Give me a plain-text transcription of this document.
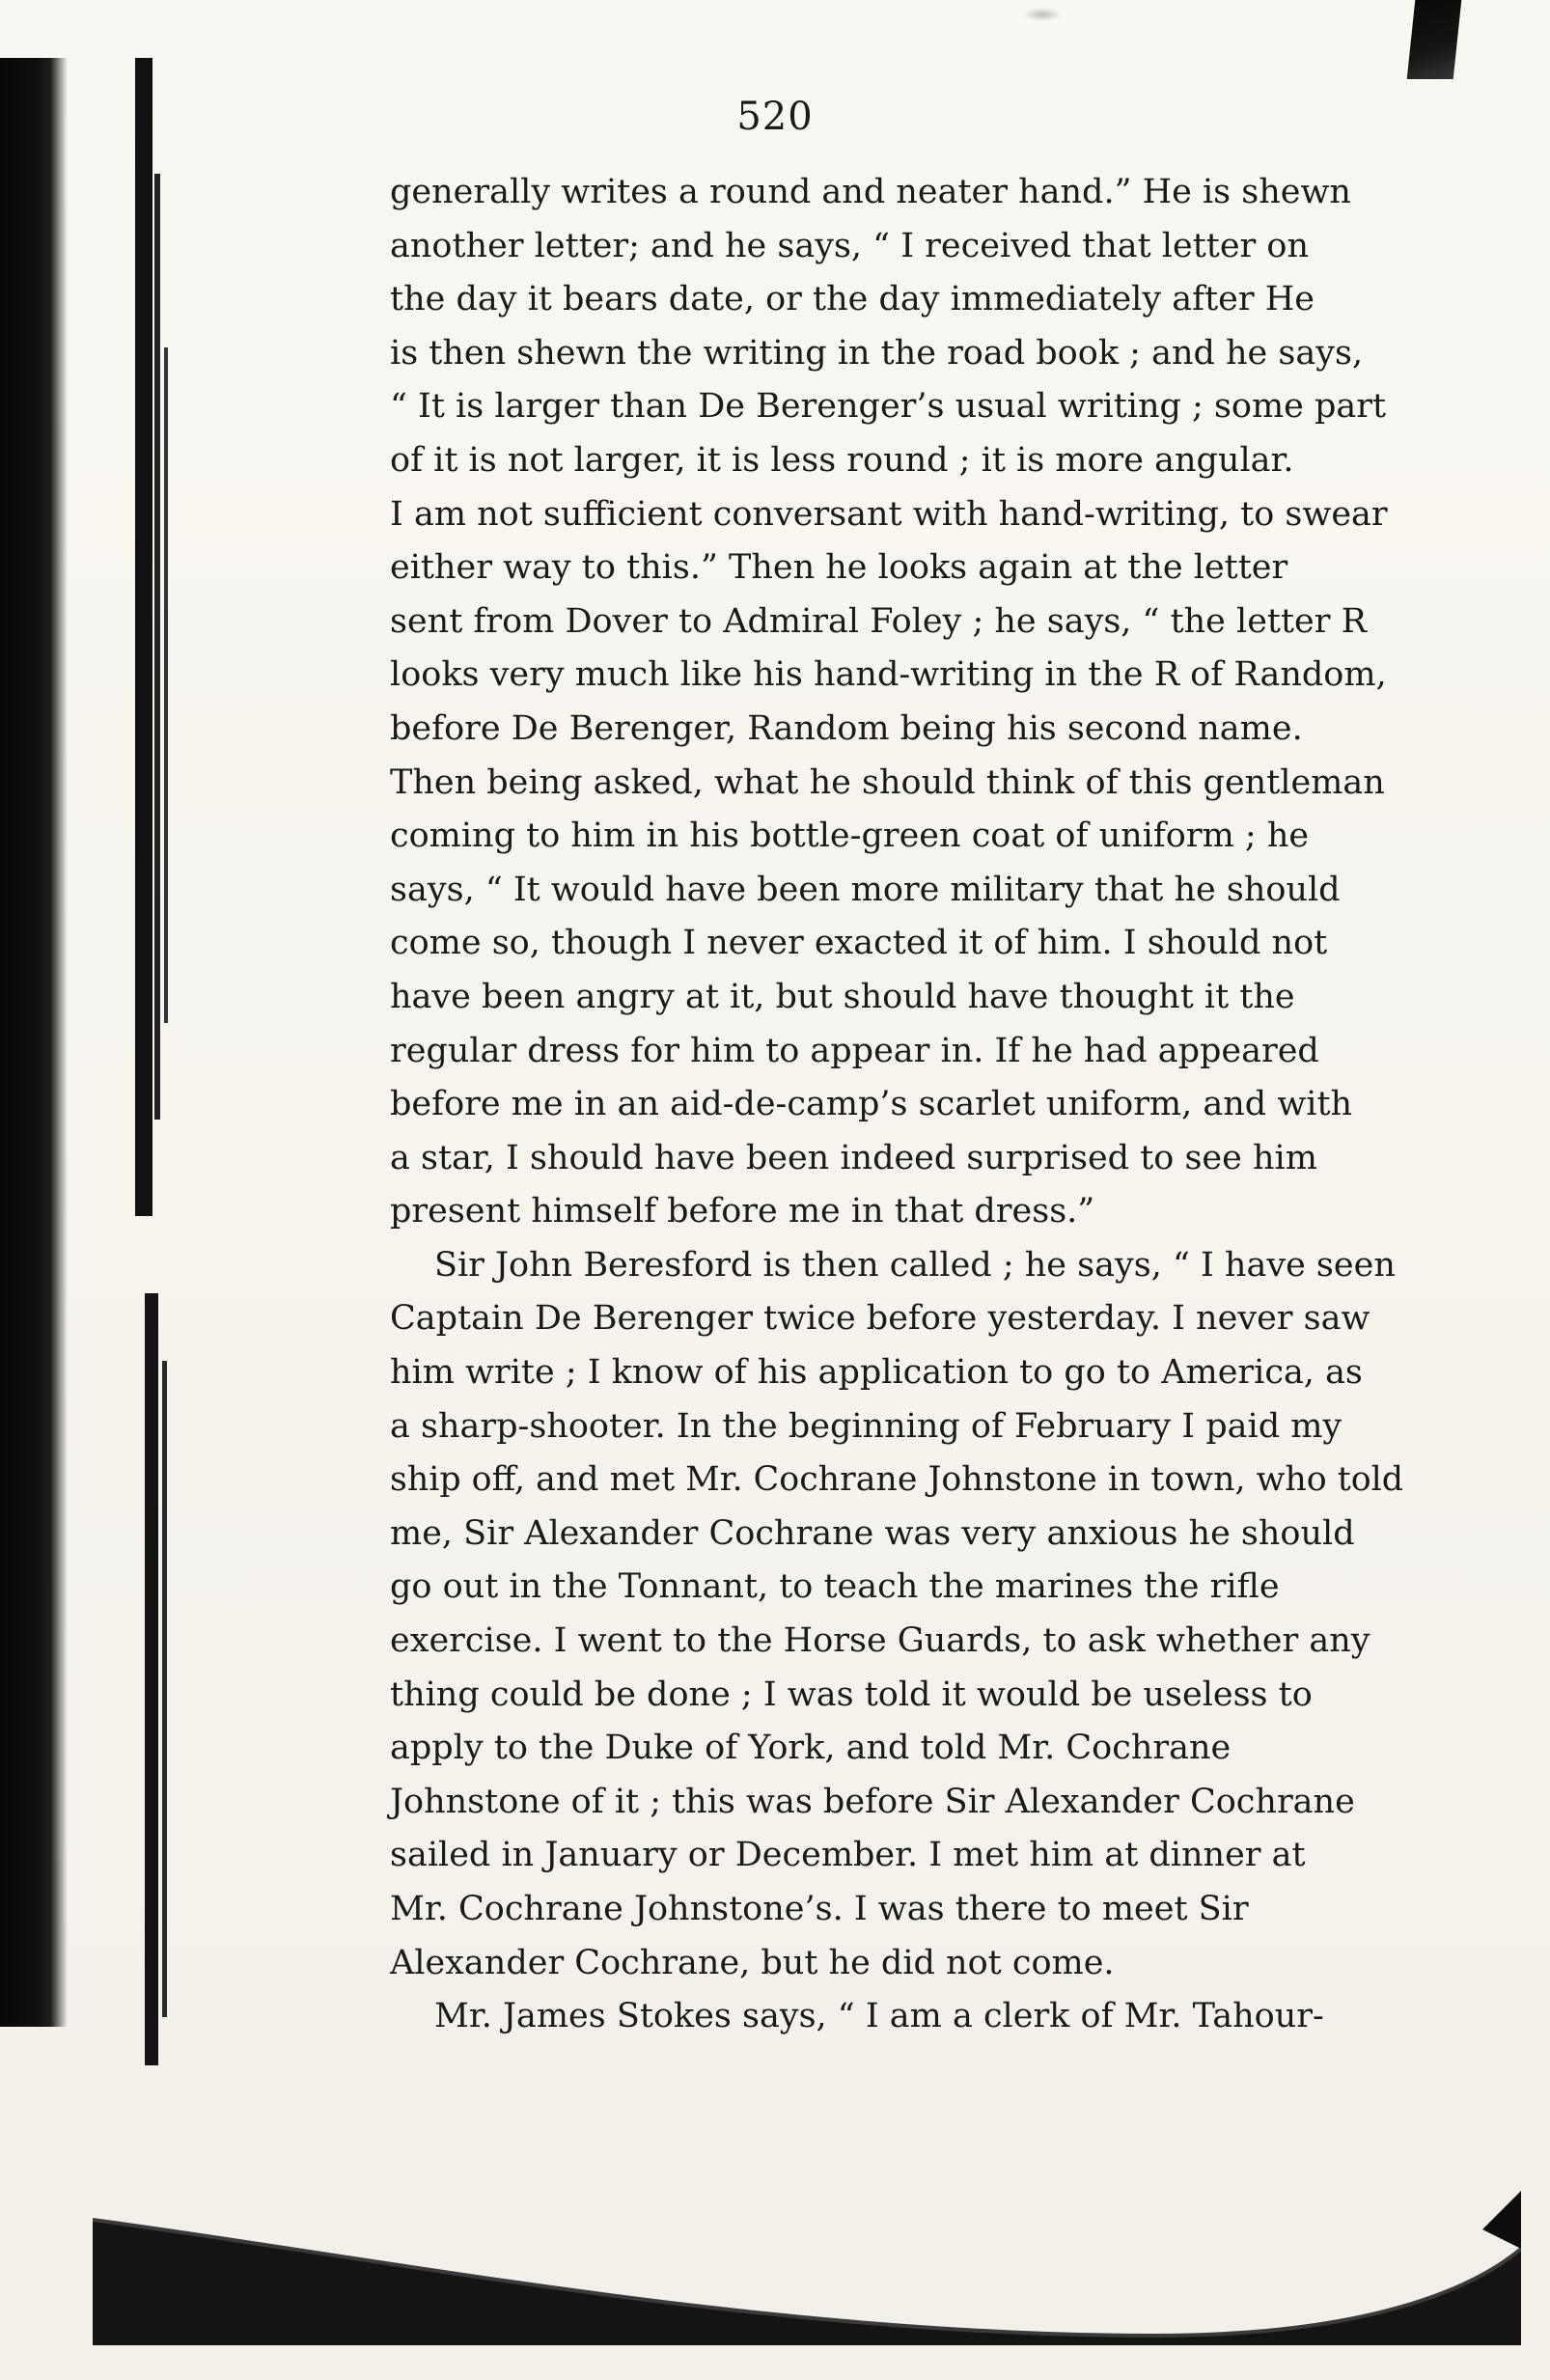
520
generally writes a round and neater hand.” He is shewn
another letter; and he says, “ I received that letter on
the day it bears date, or the day immediately after He
is then shewn the writing in the road book ; and he says,
“ It is larger than De Berenger’s usual writing ; some part
of it is not larger, it is less round ; it is more angular.
I am not sufficient conversant with hand-writing, to swear
either way to this.” Then he looks again at the letter
sent from Dover to Admiral Foley ; he says, “ the letter R
looks very much like his hand-writing in the R of Random,
before De Berenger, Random being his second name.
Then being asked, what he should think of this gentleman
coming to him in his bottle-green coat of uniform ; he
says, “ It would have been more military that he should
come so, though I never exacted it of him. I should not
have been angry at it, but should have thought it the
regular dress for him to appear in. If he had appeared
before me in an aid-de-camp’s scarlet uniform, and with
a star, I should have been indeed surprised to see him
present himself before me in that dress.”
Sir John Beresford is then called ; he says, “ I have seen
Captain De Berenger twice before yesterday. I never saw
him write ; I know of his application to go to America, as
a sharp-shooter. In the beginning of February I paid my
ship off, and met Mr. Cochrane Johnstone in town, who told
me, Sir Alexander Cochrane was very anxious he should
go out in the Tonnant, to teach the marines the rifle
exercise. I went to the Horse Guards, to ask whether any
thing could be done ; I was told it would be useless to
apply to the Duke of York, and told Mr. Cochrane
Johnstone of it ; this was before Sir Alexander Cochrane
sailed in January or December. I met him at dinner at
Mr. Cochrane Johnstone’s. I was there to meet Sir
Alexander Cochrane, but he did not come.
Mr. James Stokes says, “ I am a clerk of Mr. Tahour-
